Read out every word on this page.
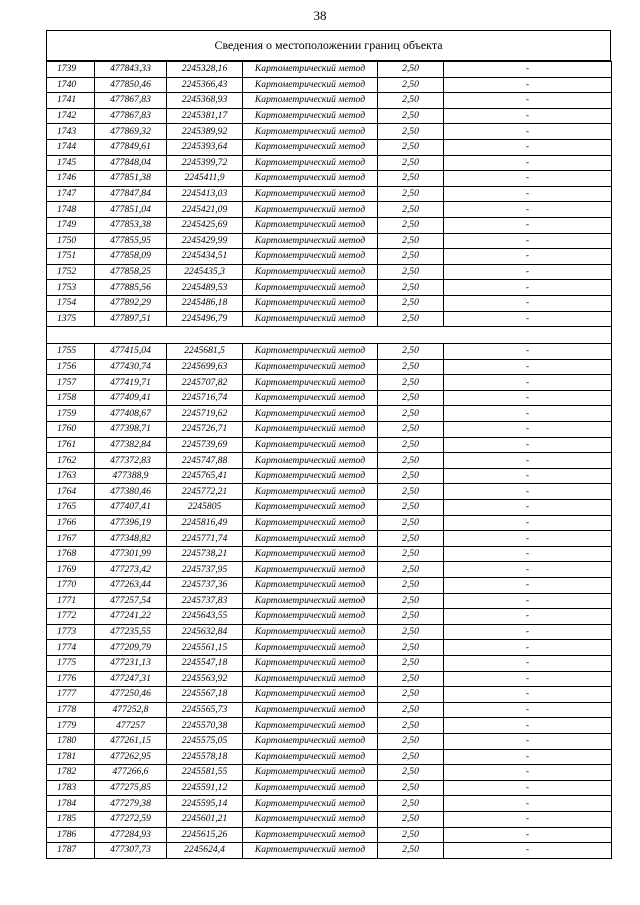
38
Сведения о местоположении границ объекта
1739	477843,33	2245328,16	Картометрический метод	2,50	-
1740	477850,46	2245366,43	Картометрический метод	2,50	-
1741	477867,83	2245368,93	Картометрический метод	2,50	-
1742	477867,83	2245381,17	Картометрический метод	2,50	-
1743	477869,32	2245389,92	Картометрический метод	2,50	-
1744	477849,61	2245393,64	Картометрический метод	2,50	-
1745	477848,04	2245399,72	Картометрический метод	2,50	-
1746	477851,38	2245411,9	Картометрический метод	2,50	-
1747	477847,84	2245413,03	Картометрический метод	2,50	-
1748	477851,04	2245421,09	Картометрический метод	2,50	-
1749	477853,38	2245425,69	Картометрический метод	2,50	-
1750	477855,95	2245429,99	Картометрический метод	2,50	-
1751	477858,09	2245434,51	Картометрический метод	2,50	-
1752	477858,25	2245435,3	Картометрический метод	2,50	-
1753	477885,56	2245489,53	Картометрический метод	2,50	-
1754	477892,29	2245486,18	Картометрический метод	2,50	-
1375	477897,51	2245496,79	Картометрический метод	2,50	-

1755	477415,04	2245681,5	Картометрический метод	2,50	-
1756	477430,74	2245699,63	Картометрический метод	2,50	-
1757	477419,71	2245707,82	Картометрический метод	2,50	-
1758	477409,41	2245716,74	Картометрический метод	2,50	-
1759	477408,67	2245719,62	Картометрический метод	2,50	-
1760	477398,71	2245726,71	Картометрический метод	2,50	-
1761	477382,84	2245739,69	Картометрический метод	2,50	-
1762	477372,83	2245747,88	Картометрический метод	2,50	-
1763	477388,9	2245765,41	Картометрический метод	2,50	-
1764	477380,46	2245772,21	Картометрический метод	2,50	-
1765	477407,41	2245805	Картометрический метод	2,50	-
1766	477396,19	2245816,49	Картометрический метод	2,50	-
1767	477348,82	2245771,74	Картометрический метод	2,50	-
1768	477301,99	2245738,21	Картометрический метод	2,50	-
1769	477273,42	2245737,95	Картометрический метод	2,50	-
1770	477263,44	2245737,36	Картометрический метод	2,50	-
1771	477257,54	2245737,83	Картометрический метод	2,50	-
1772	477241,22	2245643,55	Картометрический метод	2,50	-
1773	477235,55	2245632,84	Картометрический метод	2,50	-
1774	477209,79	2245561,15	Картометрический метод	2,50	-
1775	477231,13	2245547,18	Картометрический метод	2,50	-
1776	477247,31	2245563,92	Картометрический метод	2,50	-
1777	477250,46	2245567,18	Картометрический метод	2,50	-
1778	477252,8	2245565,73	Картометрический метод	2,50	-
1779	477257	2245570,38	Картометрический метод	2,50	-
1780	477261,15	2245575,05	Картометрический метод	2,50	-
1781	477262,95	2245578,18	Картометрический метод	2,50	-
1782	477266,6	2245581,55	Картометрический метод	2,50	-
1783	477275,85	2245591,12	Картометрический метод	2,50	-
1784	477279,38	2245595,14	Картометрический метод	2,50	-
1785	477272,59	2245601,21	Картометрический метод	2,50	-
1786	477284,93	2245615,26	Картометрический метод	2,50	-
1787	477307,73	2245624,4	Картометрический метод	2,50	-
